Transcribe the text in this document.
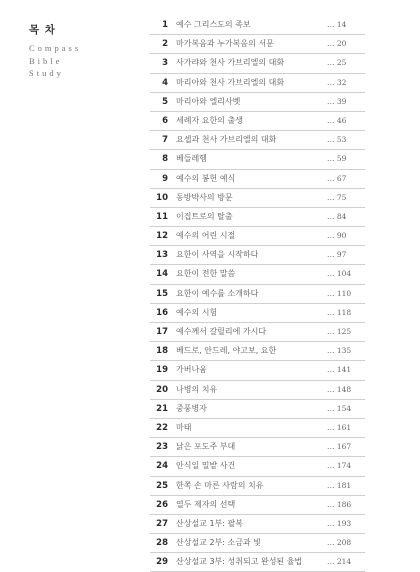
목 차
Compass
Bible
Study
1 예수 그리스도의 족보	… 14
2 마가복음과 누가복음의 서문	… 20
3 사가랴와 천사 가브리엘의 대화	… 25
4 마리아와 천사 가브리엘의 대화	… 32
5 마리아와 엘리사벳	… 39
6 세례자 요한의 출생	… 46
7 요셉과 천사 가브리엘의 대화	… 53
8 베들레헴	… 59
9 예수의 봉헌 예식	… 67
10 동방박사의 방문	… 75
11 이집트로의 탈출	… 84
12 예수의 어린 시절	… 90
13 요한이 사역을 시작하다	… 97
14 요한이 전한 말씀	… 104
15 요한이 예수를 소개하다	… 110
16 예수의 시험	… 118
17 예수께서 갈릴리에 가시다	… 125
18 베드로, 안드레, 야고보, 요한	… 135
19 가버나움	… 141
20 나병의 치유	… 148
21 중풍병자	… 154
22 마태	… 161
23 낡은 포도주 부대	… 167
24 안식일 밀밭 사건	… 174
25 한쪽 손 마른 사람의 치유	… 181
26 열두 제자의 선택	… 186
27 산상설교 1부: 팔복	… 193
28 산상설교 2부: 소금과 빛	… 208
29 산상설교 3부: 성취되고 완성된 율법	… 214
